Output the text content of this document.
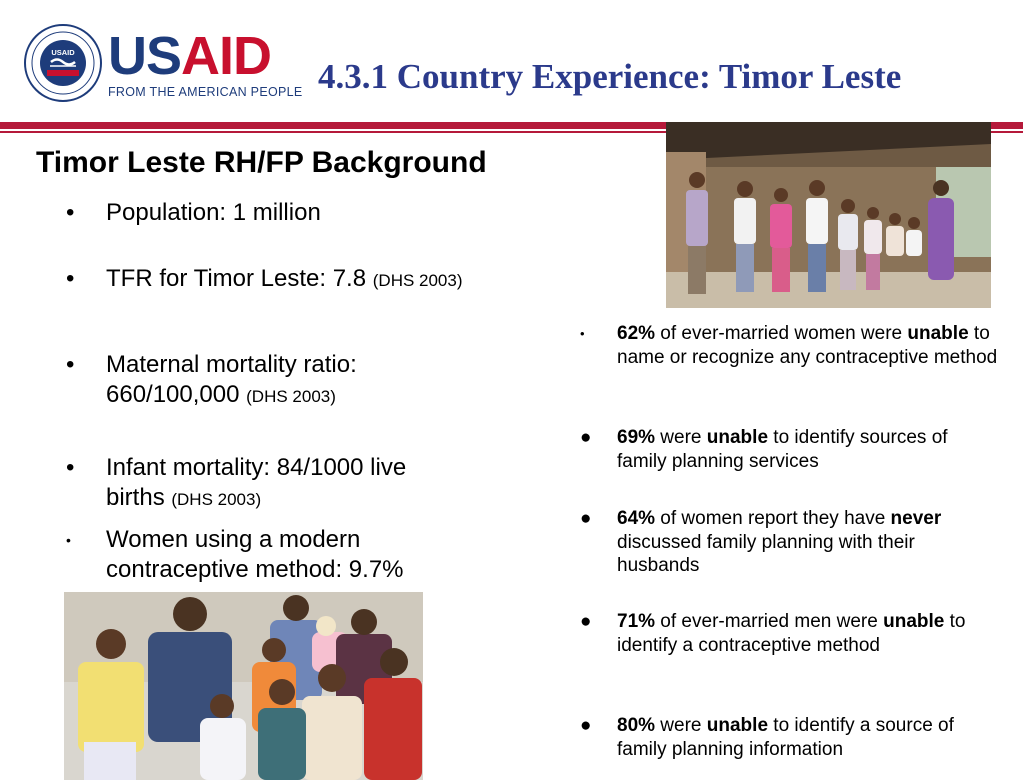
USAID USAID
FROM THE AMERICAN PEOPLE 4.3.1 Country Experience: Timor Leste
Timor Leste RH/FP Background
•	Population: 1 million
•	TFR for Timor Leste: 7.8 (DHS 2003)
•	Maternal mortality ratio: 660/100,000 (DHS 2003)
•	Infant mortality: 84/1000 live births (DHS 2003)
•	Women using a modern contraceptive method: 9.7%
• 62% of ever-married women were unable to name or recognize any contraceptive method
● 69% were unable to identify sources of family planning services
● 64% of women report they have never discussed family planning with their husbands
● 71% of ever-married men were unable to identify a contraceptive method
● 80% were unable to identify a source of family planning information
